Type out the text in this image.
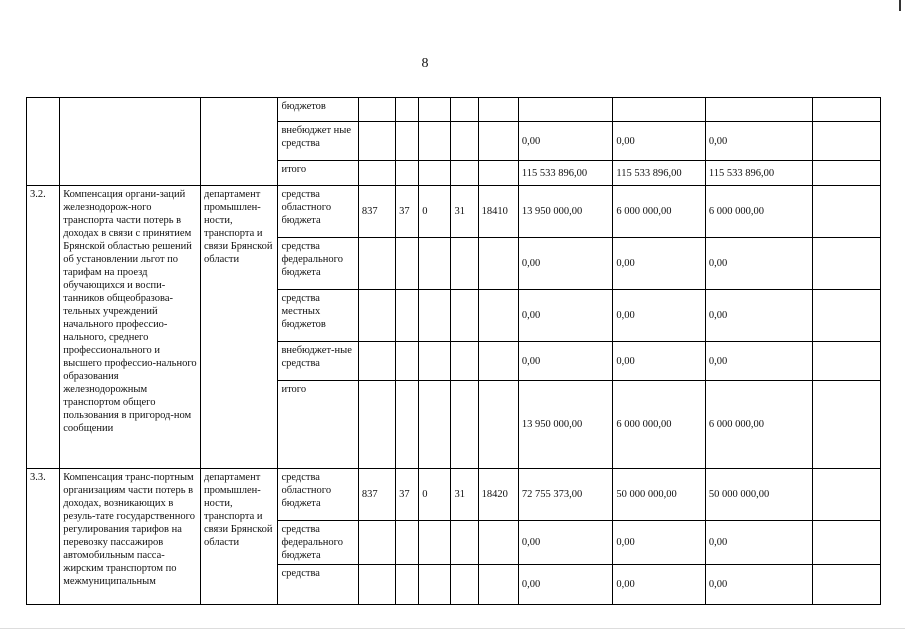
8
			бюджетов									
			внебюджет ные средства						0,00	0,00	0,00	
			итого						115 533 896,00	115 533 896,00	115 533 896,00	
3.2.	Компенсация органи-заций железнодорож-ного транспорта части потерь в доходах в связи с принятием Брянской областью решений об установлении льгот по тарифам на проезд обучающихся и воспи-танников общеобразова-тельных учреждений начального профессио-нального, среднего профессионального и высшего профессио-нального образования железнодорожным транспортом общего пользования в пригород-ном сообщении	департамент промышлен-ности, транспорта и связи Брянской области	средства областного бюджета	837	37	0	31	18410	13 950 000,00	6 000 000,00	6 000 000,00	
			средства федерального бюджета						0,00	0,00	0,00	
			средства местных бюджетов						0,00	0,00	0,00	
			внебюджет-ные средства						0,00	0,00	0,00	
			итого						13 950 000,00	6 000 000,00	6 000 000,00	
3.3.	Компенсация транс-портным организациям части потерь в доходах, возникающих в резуль-тате государственного регулирования тарифов на перевозку пассажиров автомобильным пасса-жирским транспортом по межмуниципальным	департамент промышлен-ности, транспорта и связи Брянской области	средства областного бюджета	837	37	0	31	18420	72 755 373,00	50 000 000,00	50 000 000,00	
			средства федерального бюджета						0,00	0,00	0,00	
			средства						0,00	0,00	0,00	
